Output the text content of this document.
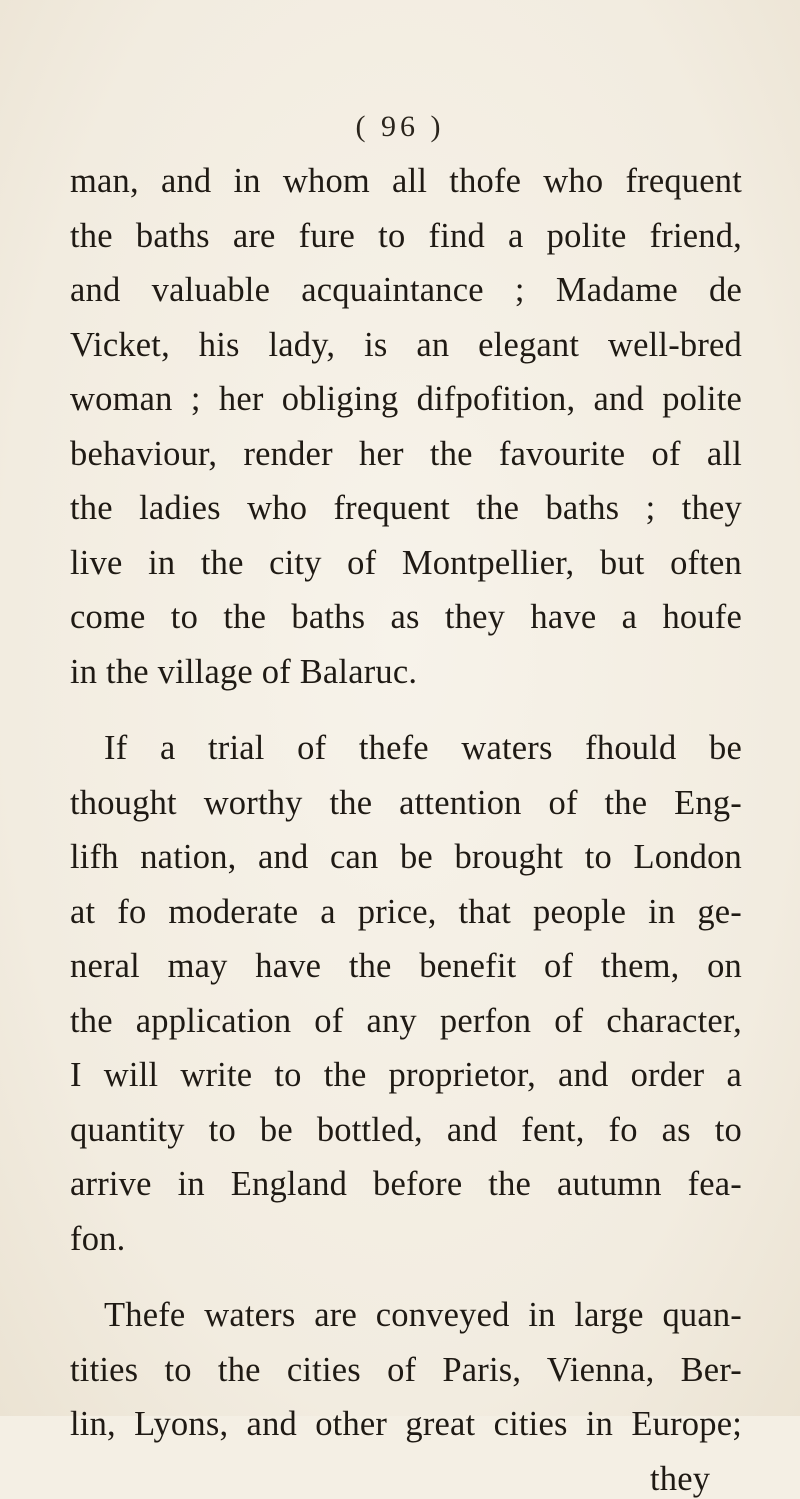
( 96 )
man, and in whom all thofe who frequent
the baths are fure to find a polite friend,
and valuable acquaintance ; Madame de
Vicket, his lady, is an elegant well-bred
woman ; her obliging difpofition, and polite
behaviour, render her the favourite of all
the ladies who frequent the baths ; they
live in the city of Montpellier, but often
come to the baths as they have a houfe
in the village of Balaruc.
If a trial of thefe waters fhould be
thought worthy the attention of the Eng-
lifh nation, and can be brought to London
at fo moderate a price, that people in ge-
neral may have the benefit of them, on
the application of any perfon of character,
I will write to the proprietor, and order a
quantity to be bottled, and fent, fo as to
arrive in England before the autumn fea-
fon.
Thefe waters are conveyed in large quan-
tities to the cities of Paris, Vienna, Ber-
lin, Lyons, and other great cities in Europe;
they
